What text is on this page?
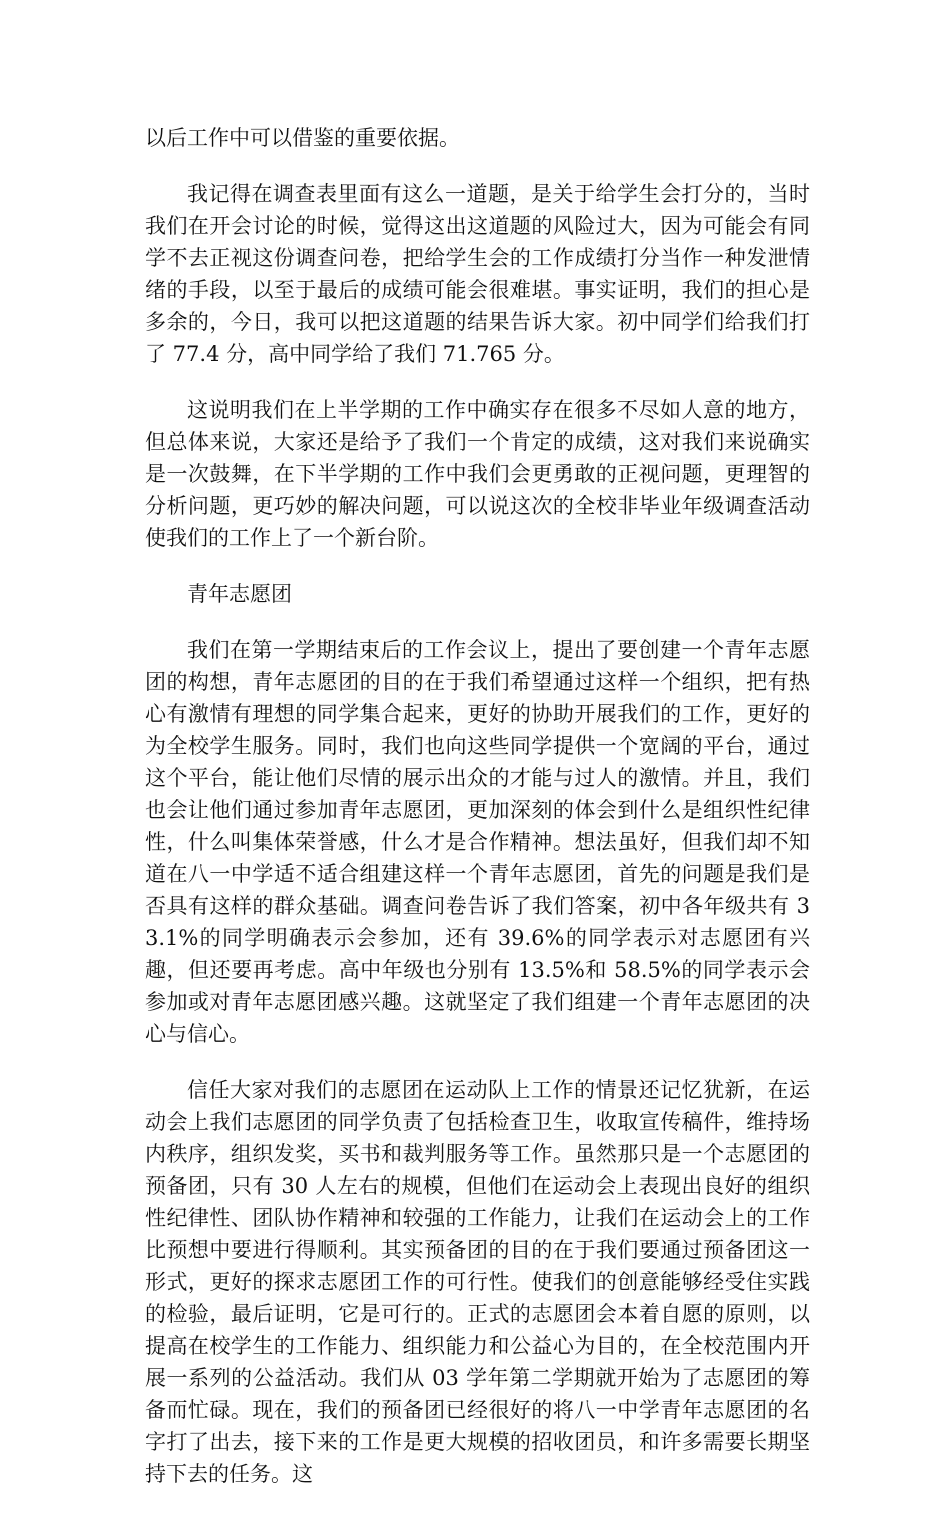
以后工作中可以借鉴的重要依据。

我记得在调查表里面有这么一道题，是关于给学生会打分的，当时我们在开会讨论的时候，觉得这出这道题的风险过大，因为可能会有同学不去正视这份调查问卷，把给学生会的工作成绩打分当作一种发泄情绪的手段，以至于最后的成绩可能会很难堪。事实证明，我们的担心是多余的，今日，我可以把这道题的结果告诉大家。初中同学们给我们打了 77.4 分，高中同学给了我们 71.765 分。

这说明我们在上半学期的工作中确实存在很多不尽如人意的地方，但总体来说，大家还是给予了我们一个肯定的成绩，这对我们来说确实是一次鼓舞，在下半学期的工作中我们会更勇敢的正视问题，更理智的分析问题，更巧妙的解决问题，可以说这次的全校非毕业年级调查活动使我们的工作上了一个新台阶。

青年志愿团

我们在第一学期结束后的工作会议上，提出了要创建一个青年志愿团的构想，青年志愿团的目的在于我们希望通过这样一个组织，把有热心有激情有理想的同学集合起来，更好的协助开展我们的工作，更好的为全校学生服务。同时，我们也向这些同学提供一个宽阔的平台，通过这个平台，能让他们尽情的展示出众的才能与过人的激情。并且，我们也会让他们通过参加青年志愿团，更加深刻的体会到什么是组织性纪律性，什么叫集体荣誉感，什么才是合作精神。想法虽好，但我们却不知道在八一中学适不适合组建这样一个青年志愿团，首先的问题是我们是否具有这样的群众基础。调查问卷告诉了我们答案，初中各年级共有 33.1%的同学明确表示会参加，还有 39.6%的同学表示对志愿团有兴趣，但还要再考虑。高中年级也分别有 13.5%和 58.5%的同学表示会参加或对青年志愿团感兴趣。这就坚定了我们组建一个青年志愿团的决心与信心。

信任大家对我们的志愿团在运动队上工作的情景还记忆犹新，在运动会上我们志愿团的同学负责了包括检查卫生，收取宣传稿件，维持场内秩序，组织发奖，买书和裁判服务等工作。虽然那只是一个志愿团的预备团，只有 30 人左右的规模，但他们在运动会上表现出良好的组织性纪律性、团队协作精神和较强的工作能力，让我们在运动会上的工作比预想中要进行得顺利。其实预备团的目的在于我们要通过预备团这一形式，更好的探求志愿团工作的可行性。使我们的创意能够经受住实践的检验，最后证明，它是可行的。正式的志愿团会本着自愿的原则，以提高在校学生的工作能力、组织能力和公益心为目的，在全校范围内开展一系列的公益活动。我们从 03 学年第二学期就开始为了志愿团的筹备而忙碌。现在，我们的预备团已经很好的将八一中学青年志愿团的名字打了出去，接下来的工作是更大规模的招收团员，和许多需要长期坚持下去的任务。这
